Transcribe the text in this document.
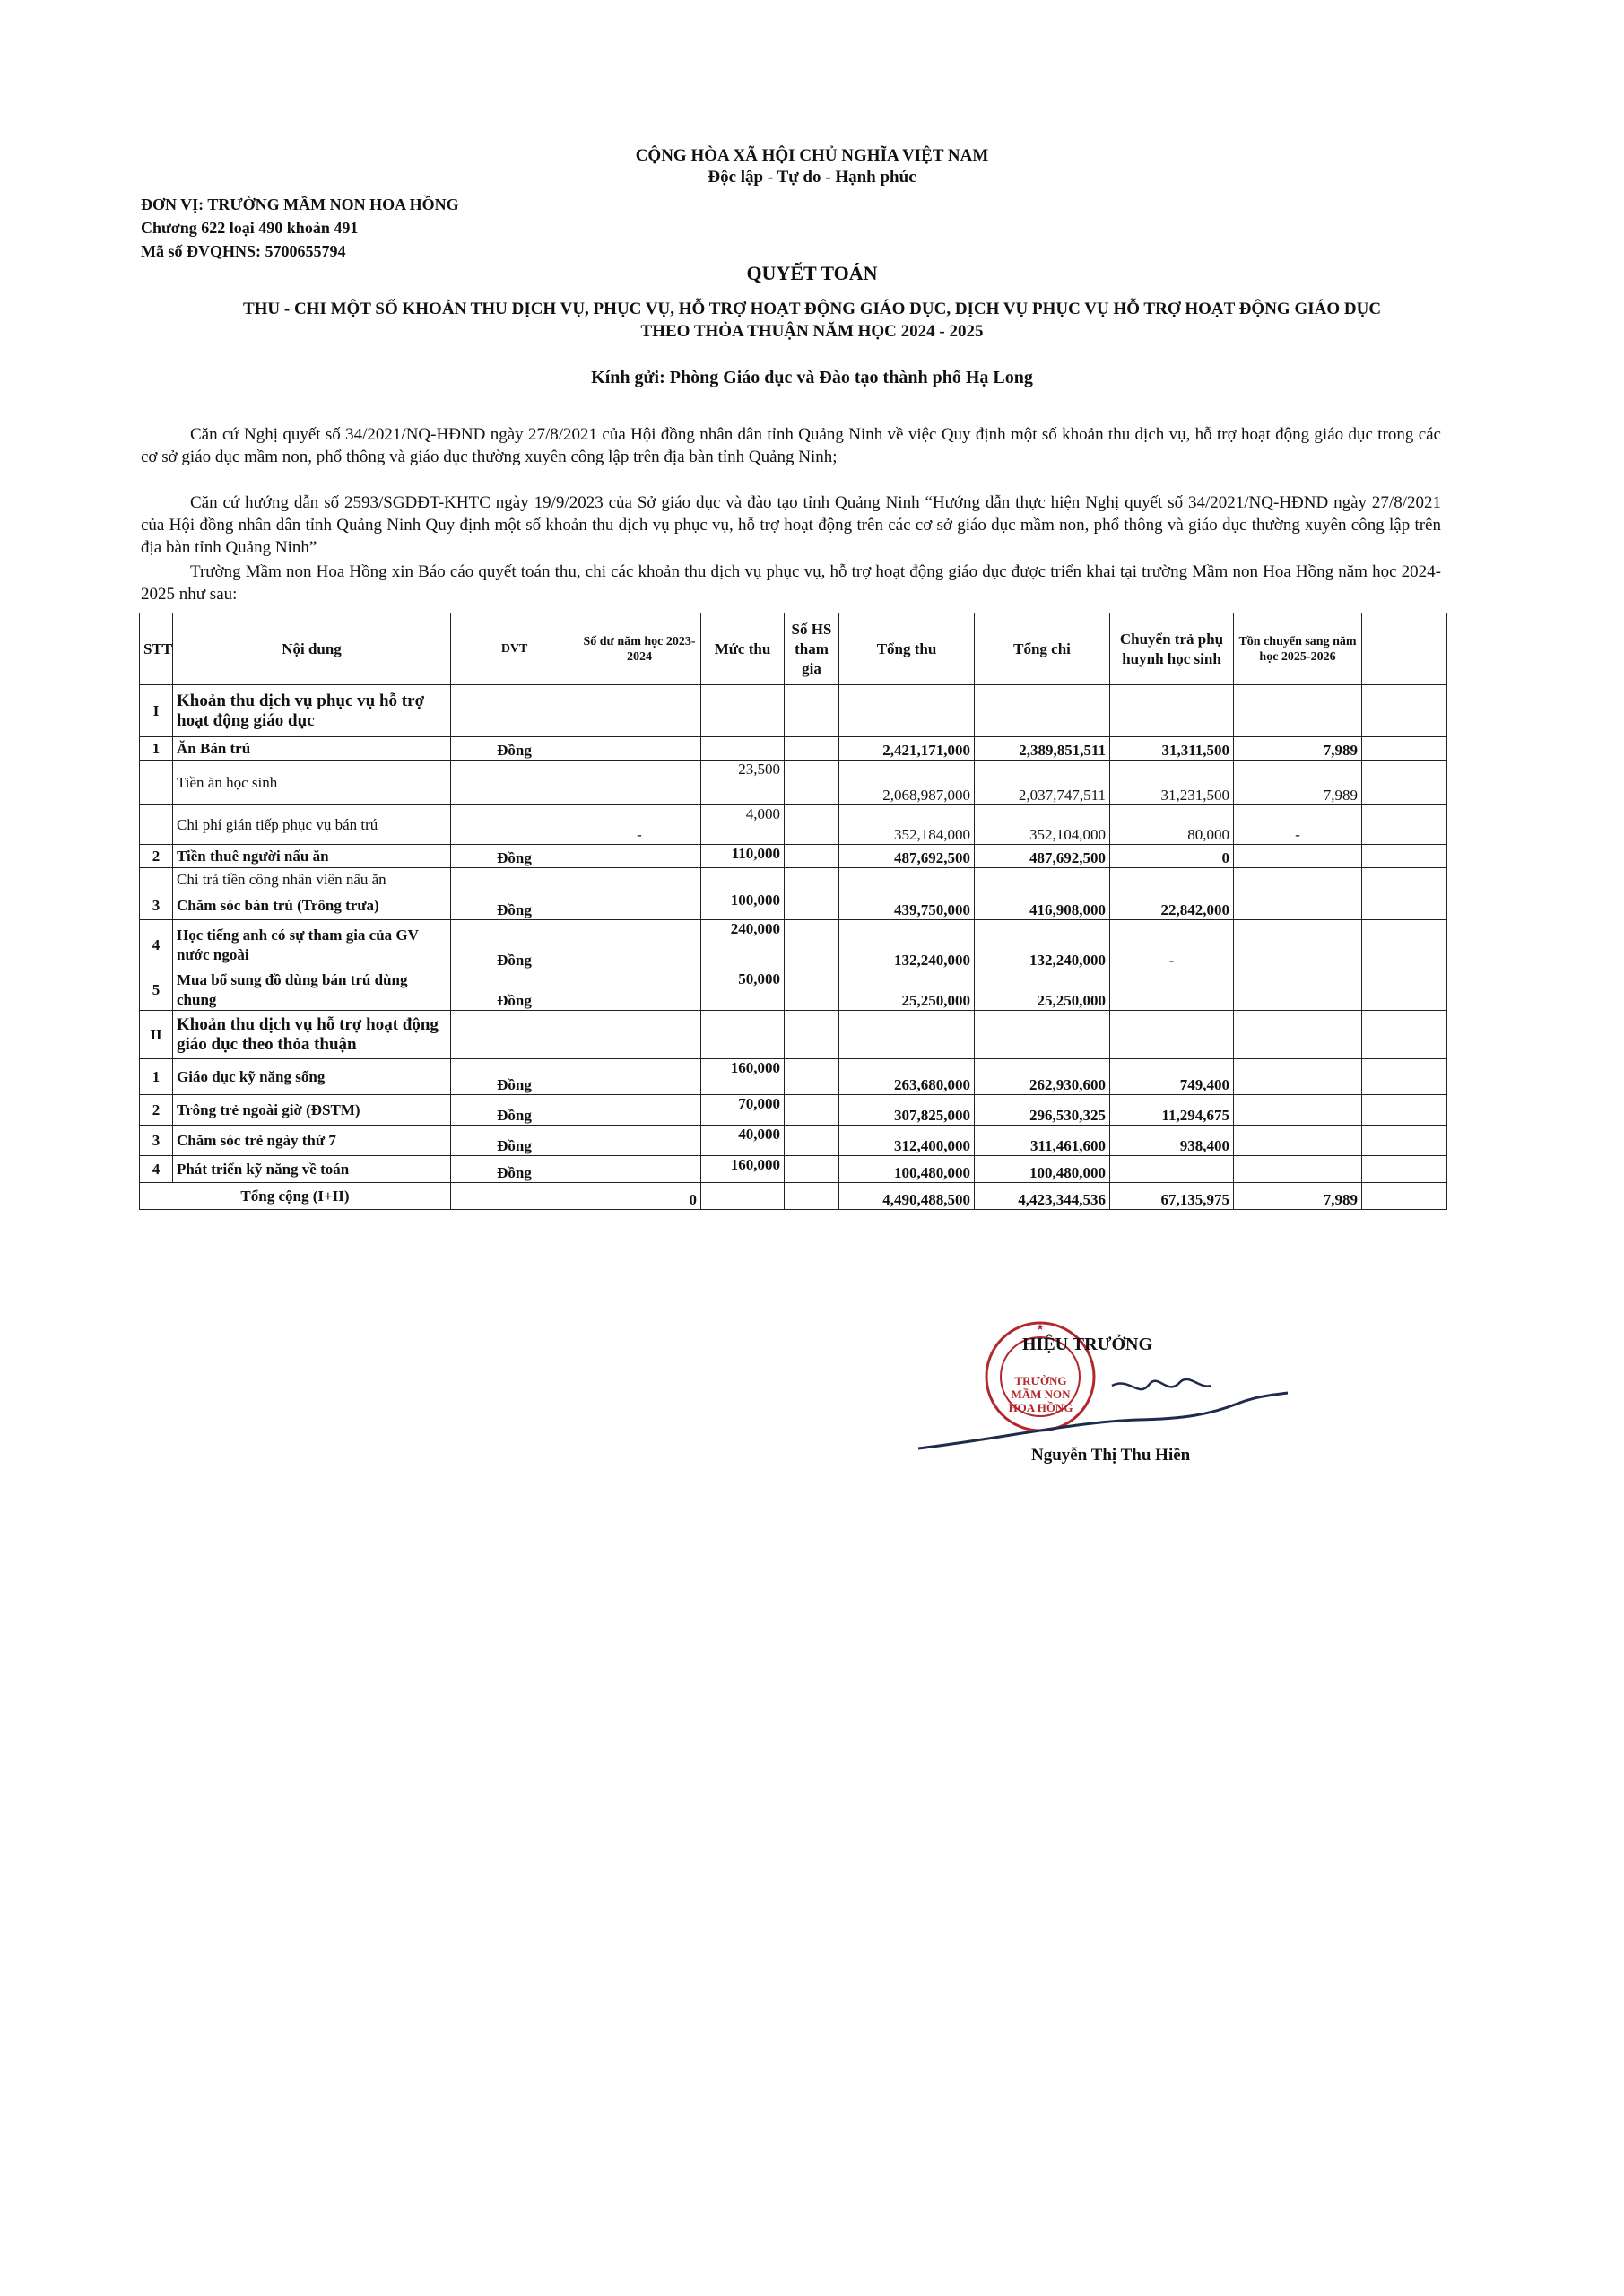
CỘNG HÒA XÃ HỘI CHỦ NGHĨA VIỆT NAM
Độc lập - Tự do - Hạnh phúc
ĐƠN VỊ: TRƯỜNG MẦM NON HOA HỒNG
Chương 622 loại 490 khoản 491
Mã số ĐVQHNS: 5700655794
QUYẾT TOÁN
THU - CHI MỘT SỐ KHOẢN THU DỊCH VỤ, PHỤC VỤ, HỖ TRỢ HOẠT ĐỘNG GIÁO DỤC, DỊCH VỤ PHỤC VỤ HỖ TRỢ HOẠT ĐỘNG GIÁO DỤC
THEO THỎA THUẬN NĂM HỌC 2024 - 2025
Kính gửi: Phòng Giáo dục và Đào tạo thành phố Hạ Long
Căn cứ Nghị quyết số 34/2021/NQ-HĐND ngày 27/8/2021 của Hội đồng nhân dân tỉnh Quảng Ninh về việc Quy định một số khoản thu dịch vụ, hỗ trợ hoạt động giáo dục trong các cơ sở giáo dục mầm non, phổ thông và giáo dục thường xuyên công lập trên địa bàn tỉnh Quảng Ninh;
Căn cứ hướng dẫn số 2593/SGDĐT-KHTC ngày 19/9/2023 của Sở giáo dục và đào tạo tỉnh Quảng Ninh “Hướng dẫn thực hiện Nghị quyết số 34/2021/NQ-HĐND ngày 27/8/2021 của Hội đồng nhân dân tỉnh Quảng Ninh Quy định một số khoản thu dịch vụ phục vụ, hỗ trợ hoạt động trên các cơ sở giáo dục mầm non, phổ thông và giáo dục thường xuyên công lập trên địa bàn tỉnh Quảng Ninh”
Trường Mầm non Hoa Hồng xin Báo cáo quyết toán thu, chi các khoản thu dịch vụ phục vụ, hỗ trợ hoạt động giáo dục được triển khai tại trường Mầm non Hoa Hồng năm học 2024-2025 như sau:
STT	Nội dung	ĐVT	Số dư năm học 2023-2024	Mức thu	Số HS tham gia	Tổng thu	Tổng chi	Chuyển trả phụ huynh học sinh	Tồn chuyển sang năm học 2025-2026	
I	Khoản thu dịch vụ phục vụ hỗ trợ hoạt động giáo dục									
1	Ăn Bán trú	Đồng				2,421,171,000	2,389,851,511	31,311,500	7,989	
	Tiền ăn học sinh			23,500		2,068,987,000	2,037,747,511	31,231,500	7,989	
	Chi phí gián tiếp phục vụ bán trú		-	4,000		352,184,000	352,104,000	80,000	-	
2	Tiền thuê người nấu ăn	Đồng		110,000		487,692,500	487,692,500	0		
	Chi trả tiền công nhân viên nấu ăn									
3	Chăm sóc bán trú (Trông trưa)	Đồng		100,000		439,750,000	416,908,000	22,842,000		
4	Học tiếng anh có sự tham gia của GV nước ngoài	Đồng		240,000		132,240,000	132,240,000	-		
5	Mua bổ sung đồ dùng bán trú dùng chung	Đồng		50,000		25,250,000	25,250,000			
II	Khoản thu dịch vụ hỗ trợ hoạt động giáo dục theo thỏa thuận									
1	Giáo dục kỹ năng sống	Đồng		160,000		263,680,000	262,930,600	749,400		
2	Trông trẻ ngoài giờ (ĐSTM)	Đồng		70,000		307,825,000	296,530,325	11,294,675		
3	Chăm sóc trẻ ngày thứ 7	Đồng		40,000		312,400,000	311,461,600	938,400		
4	Phát triển kỹ năng về toán	Đồng		160,000		100,480,000	100,480,000			
Tổng cộng (I+II)			0			4,490,488,500	4,423,344,536	67,135,975	7,989	
★
TRƯỜNG MẦM NON HOA HỒNG
HIỆU TRƯỞNG
Nguyễn Thị Thu Hiền
